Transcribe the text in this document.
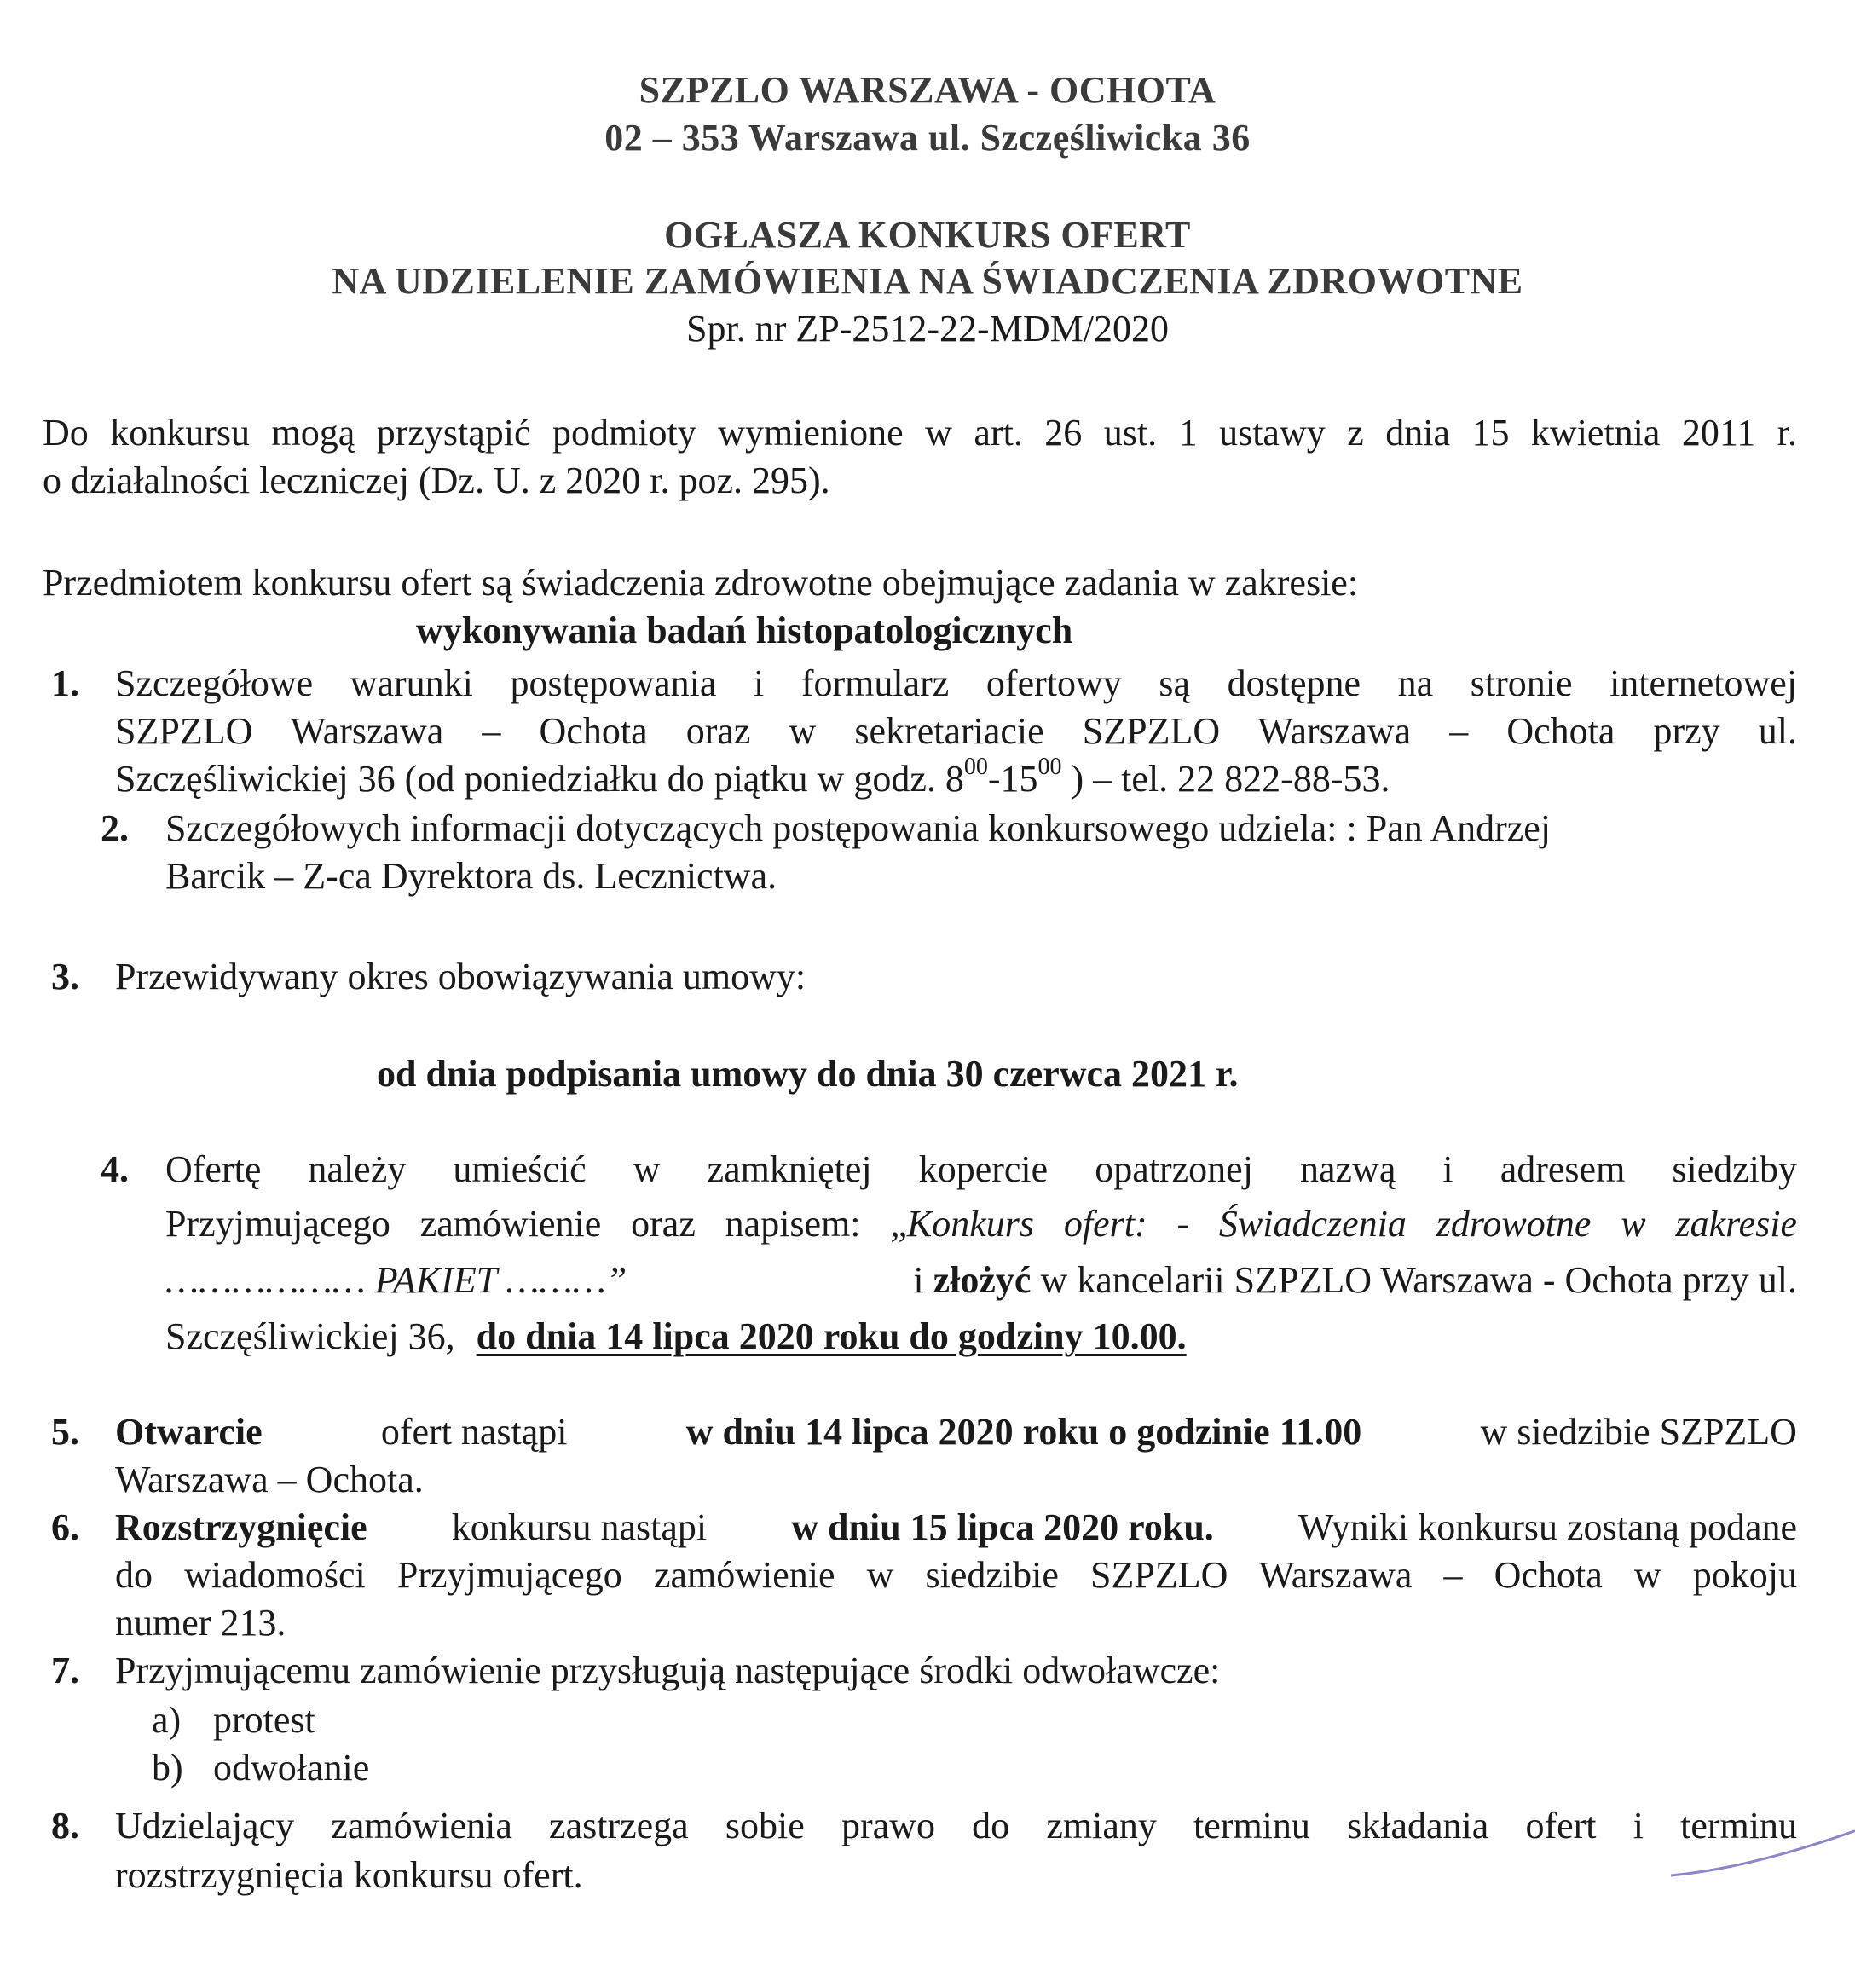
SZPZLO WARSZAWA - OCHOTA
02 – 353 Warszawa ul. Szczęśliwicka 36
OGŁASZA KONKURS OFERT
NA UDZIELENIE ZAMÓWIENIA NA ŚWIADCZENIA ZDROWOTNE
Spr. nr ZP-2512-22-MDM/2020
Do konkursu mogą przystąpić podmioty wymienione w art. 26 ust. 1 ustawy z dnia 15 kwietnia 2011 r.
o działalności leczniczej (Dz. U. z 2020 r. poz. 295).
Przedmiotem konkursu ofert są świadczenia zdrowotne obejmujące zadania w zakresie:
wykonywania badań histopatologicznych
1. Szczegółowe warunki postępowania i formularz ofertowy są dostępne na stronie internetowej
SZPZLO Warszawa – Ochota oraz w sekretariacie SZPZLO Warszawa – Ochota przy ul.
Szczęśliwickiej 36 (od poniedziałku do piątku w godz. $8^{00}-15^{00}$ ) – tel. 22 822-88-53.
2. Szczegółowych informacji dotyczących postępowania konkursowego udziela: : Pan Andrzej
Barcik – Z-ca Dyrektora ds. Lecznictwa.
3. Przewidywany okres obowiązywania umowy:
od dnia podpisania umowy do dnia 30 czerwca 2021 r.
4. Ofertę należy umieścić w zamkniętej kopercie opatrzonej nazwą i adresem siedziby
Przyjmującego zamówienie oraz napisem: „Konkurs ofert: - Świadczenia zdrowotne w zakresie
……………… PAKIET ………”	i złożyć w kancelarii SZPZLO Warszawa - Ochota przy ul.
Szczęśliwickiej 36, do dnia 14 lipca 2020 roku do godziny 10.00.
5. Otwarcie	ofert nastąpi	w dniu 14 lipca 2020 roku o godzinie 11.00	w siedzibie SZPZLO
Warszawa – Ochota.
6. Rozstrzygnięcie konkursu nastąpi w dniu 15 lipca 2020 roku. Wyniki konkursu zostaną podane
do wiadomości Przyjmującego zamówienie w siedzibie SZPZLO Warszawa – Ochota w pokoju
numer 213.
7. Przyjmującemu zamówienie przysługują następujące środki odwoławcze:
a) protest
b) odwołanie
8. Udzielający zamówienia zastrzega sobie prawo do zmiany terminu składania ofert i terminu
rozstrzygnięcia konkursu ofert.
